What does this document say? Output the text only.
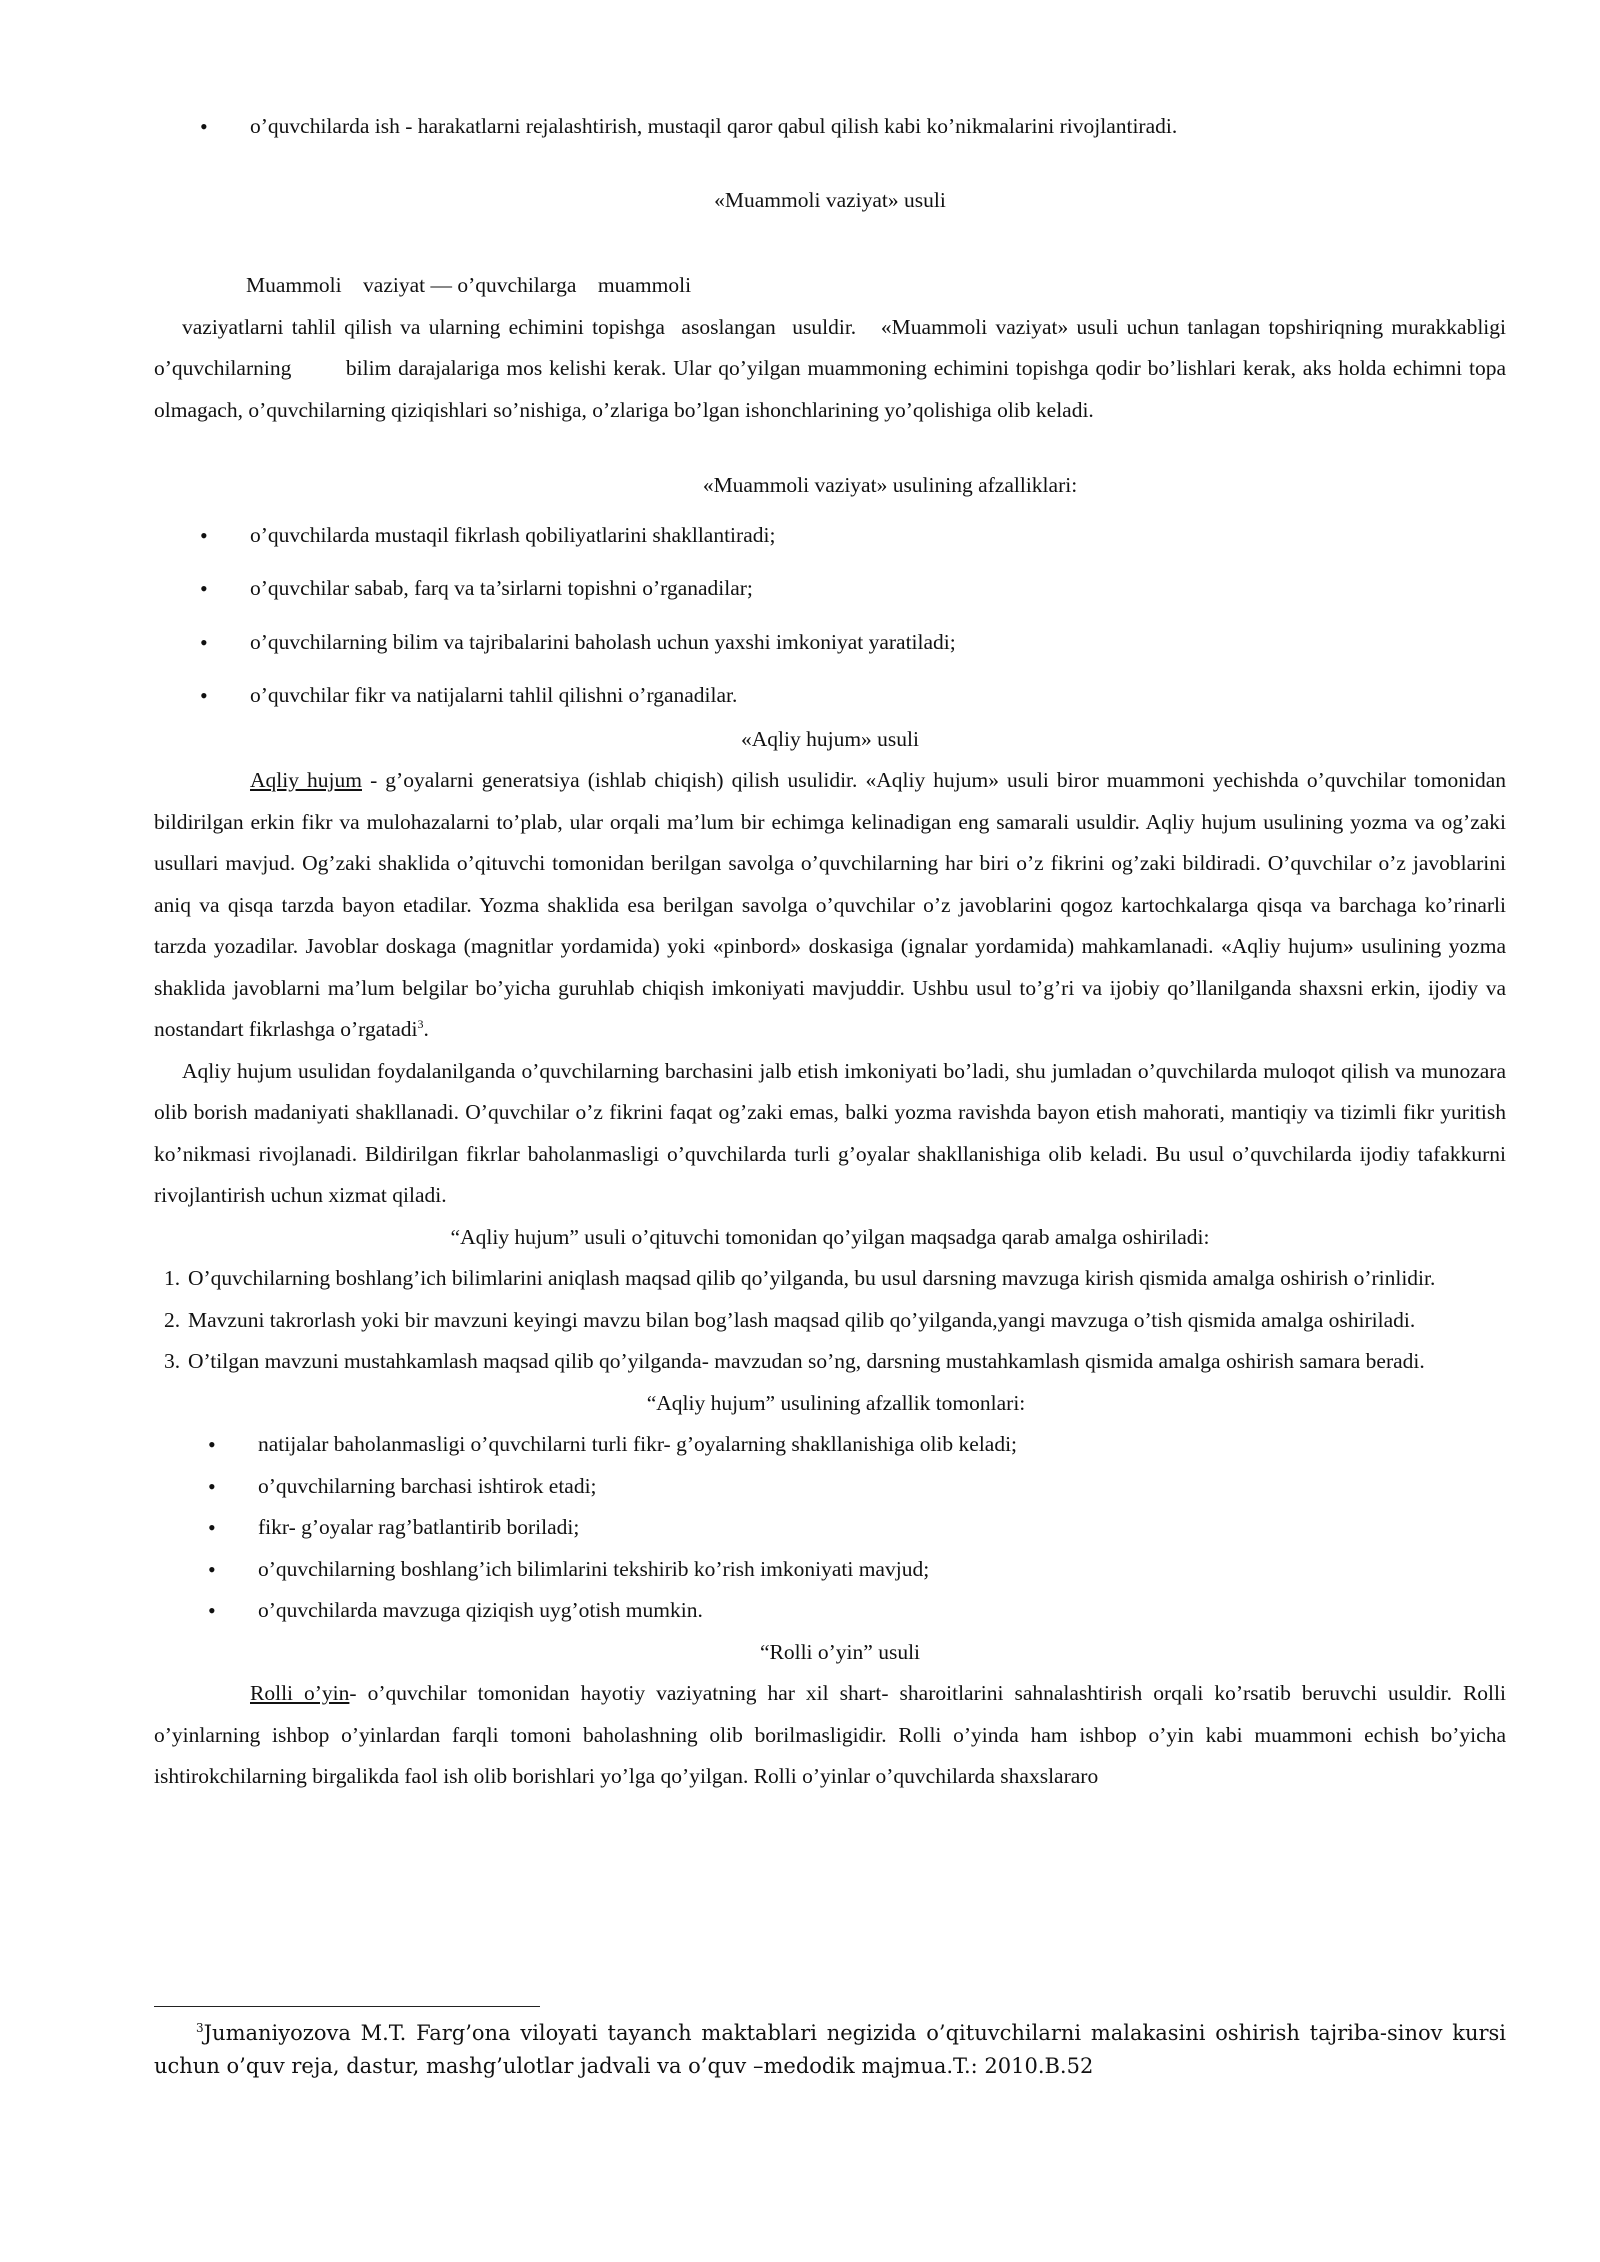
• o’quvchilarda ish - harakatlarni rejalashtirish, mustaqil qaror qabul qilish kabi ko’nikmalarini rivojlantiradi.
«Muammoli vaziyat» usuli
Muammoli    vaziyat — o’quvchilarga    muammoli
vaziyatlarni tahlil qilish va ularning echimini topishga  asoslangan  usuldir.   «Muammoli vaziyat» usuli uchun tanlagan topshiriqning murakkabligi o’quvchilarning        bilim darajalariga mos kelishi kerak. Ular qo’yilgan muammoning echimini topishga qodir bo’lishlari kerak, aks holda echimni topa olmagach, o’quvchilarning qiziqishlari so’nishiga, o’zlariga bo’lgan ishonchlarining yo’qolishiga olib keladi.
«Muammoli vaziyat» usulining afzalliklari:
• o’quvchilarda mustaqil fikrlash qobiliyatlarini shakllantiradi;
• o’quvchilar sabab, farq va ta’sirlarni topishni o’rganadilar;
• o’quvchilarning bilim va tajribalarini baholash uchun yaxshi imkoniyat yaratiladi;
• o’quvchilar fikr va natijalarni tahlil qilishni o’rganadilar.
«Aqliy hujum» usuli
Aqliy hujum - g’oyalarni generatsiya (ishlab chiqish) qilish usulidir. «Aqliy hujum» usuli biror muammoni yechishda o’quvchilar tomonidan bildirilgan erkin fikr va mulohazalarni to’plab, ular orqali ma’lum bir echimga kelinadigan eng samarali usuldir. Aqliy hujum usulining yozma va og’zaki usullari mavjud. Og’zaki shaklida o’qituvchi tomonidan berilgan savolga o’quvchilarning har biri o’z fikrini og’zaki bildiradi. O’quvchilar o’z javoblarini aniq va qisqa tarzda bayon etadilar. Yozma shaklida esa berilgan savolga o’quvchilar o’z javoblarini qogoz kartochkalarga qisqa va barchaga ko’rinarli tarzda yozadilar. Javoblar doskaga (magnitlar yordamida) yoki «pinbord» doskasiga (ignalar yordamida) mahkamlanadi. «Aqliy hujum» usulining yozma shaklida javoblarni ma’lum belgilar bo’yicha guruhlab chiqish imkoniyati mavjuddir. Ushbu usul to’g’ri va ijobiy qo’llanilganda shaxsni erkin, ijodiy va nostandart fikrlashga o’rgatadi$^3$.
Aqliy hujum usulidan foydalanilganda o’quvchilarning barchasini jalb etish imkoniyati bo’ladi, shu jumladan o’quvchilarda muloqot qilish va munozara olib borish madaniyati shakllanadi. O’quvchilar o’z fikrini faqat og’zaki emas, balki yozma ravishda bayon etish mahorati, mantiqiy va tizimli fikr yuritish ko’nikmasi rivojlanadi. Bildirilgan fikrlar baholanmasligi o’quvchilarda turli g’oyalar shakllanishiga olib keladi. Bu usul o’quvchilarda ijodiy tafakkurni rivojlantirish uchun xizmat qiladi.
“Aqliy hujum” usuli o’qituvchi tomonidan qo’yilgan maqsadga qarab amalga oshiriladi:
1. O’quvchilarning boshlang’ich bilimlarini aniqlash maqsad qilib qo’yilganda, bu usul darsning mavzuga kirish qismida amalga oshirish o’rinlidir.
2. Mavzuni takrorlash yoki bir mavzuni keyingi mavzu bilan bog’lash maqsad qilib qo’yilganda,yangi mavzuga o’tish qismida amalga oshiriladi.
3. O’tilgan mavzuni mustahkamlash maqsad qilib qo’yilganda- mavzudan so’ng, darsning mustahkamlash qismida amalga oshirish samara beradi.
“Aqliy hujum” usulining afzallik tomonlari:
• natijalar baholanmasligi o’quvchilarni turli fikr- g’oyalarning shakllanishiga olib keladi;
• o’quvchilarning barchasi ishtirok etadi;
• fikr- g’oyalar rag’batlantirib boriladi;
• o’quvchilarning boshlang’ich bilimlarini tekshirib ko’rish imkoniyati mavjud;
• o’quvchilarda mavzuga qiziqish uyg’otish mumkin.
“Rolli o’yin” usuli
Rolli o’yin- o’quvchilar tomonidan hayotiy vaziyatning har xil shart- sharoitlarini sahnalashtirish orqali ko’rsatib beruvchi usuldir. Rolli o’yinlarning ishbop o’yinlardan farqli tomoni baholashning olib borilmasligidir. Rolli o’yinda ham ishbop o’yin kabi muammoni echish bo’yicha ishtirokchilarning birgalikda faol ish olib borishlari yo’lga qo’yilgan. Rolli o’yinlar o’quvchilarda shaxslararo
$^3$Jumaniyozova M.T. Farg’ona viloyati tayanch maktablari negizida o’qituvchilarni malakasini oshirish tajriba-sinov kursi uchun o’quv reja, dastur, mashg’ulotlar jadvali va o’quv –medodik majmua.T.: 2010.B.52
